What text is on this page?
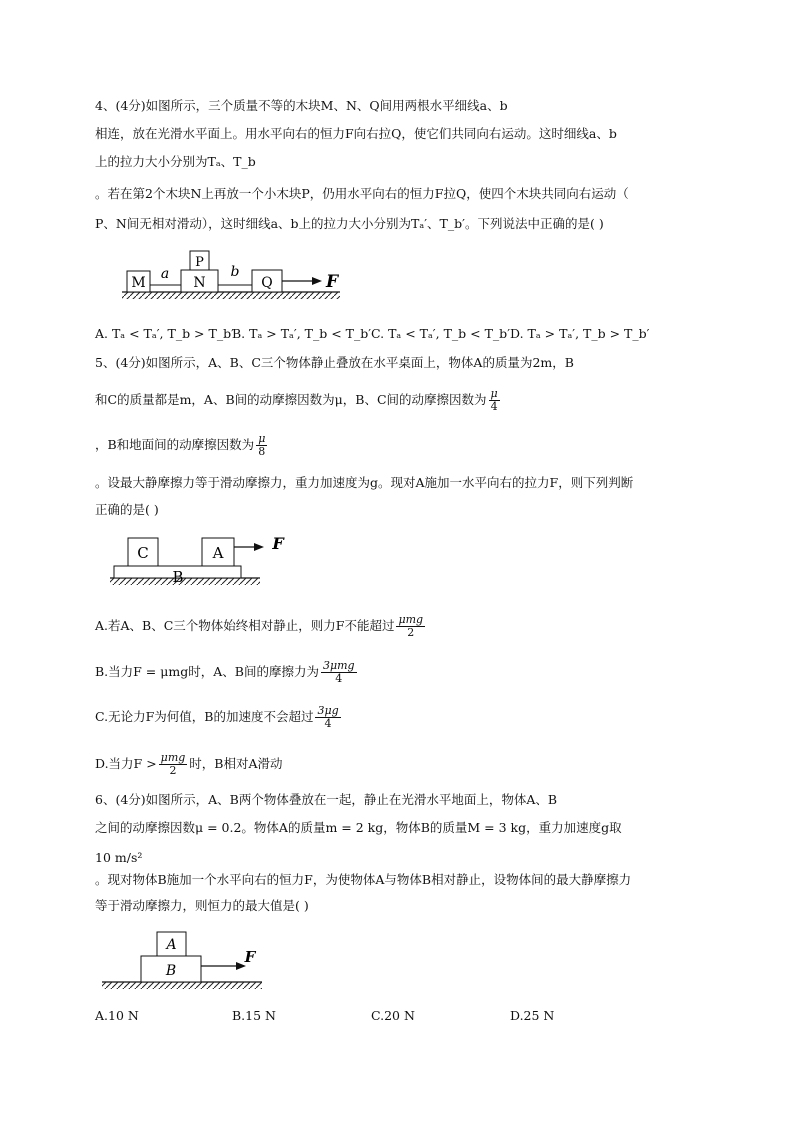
4、(4分)如图所示，三个质量不等的木块M、N、Q间用两根水平细线a、b
相连，放在光滑水平面上。用水平向右的恒力F向右拉Q，使它们共同向右运动。这时细线a、b
上的拉力大小分别为Tₐ、T_b
。若在第2个木块N上再放一个小木块P，仍用水平向右的恒力F拉Q，使四个木块共同向右运动（
P、N间无相对滑动），这时细线a、b上的拉力大小分别为Tₐ′、T_b′。下列说法中正确的是( )
M
a
P
N
b
Q	F
A. Tₐ < Tₐ′, T_b > T_b′
B. Tₐ > Tₐ′, T_b < T_b′ C. Tₐ < Tₐ′, T_b < T_b′ D. Tₐ > Tₐ′, T_b > T_b′
5、(4分)如图所示，A、B、C三个物体静止叠放在水平桌面上，物体A的质量为2m，B
和C的质量都是m，A、B间的动摩擦因数为μ，B、C间的动摩擦因数为 $\frac{\mu}{4}$
，B和地面间的动摩擦因数为 $\frac{\mu}{8}$
。设最大静摩擦力等于滑动摩擦力，重力加速度为g。现对A施加一水平向右的拉力F，则下列判断
正确的是( )
B
C	A	F
A.若A、B、C三个物体始终相对静止，则力F不能超过 $\frac{\text{μmg}}{2}$
B.当力F = μmg时，A、B间的摩擦力为 $\frac{\text{3μmg}}{4}$
C.无论力F为何值，B的加速度不会超过 $\frac{3\mu g}{4}$
D.当力$F > \frac{\text{μmg}}{2}$ 时，B相对A滑动
6、(4分)如图所示，A、B两个物体叠放在一起，静止在光滑水平地面上，物体A、B
之间的动摩擦因数μ = 0.2。物体A的质量m = 2 kg，物体B的质量M = 3 kg，重力加速度g取
10 m/s²
。现对物体B施加一个水平向右的恒力F，为使物体A与物体B相对静止，设物体间的最大静摩擦力
等于滑动摩擦力，则恒力的最大值是( )
B
A
F
A.10 N	B.15 N	C.20 N	D.25 N
